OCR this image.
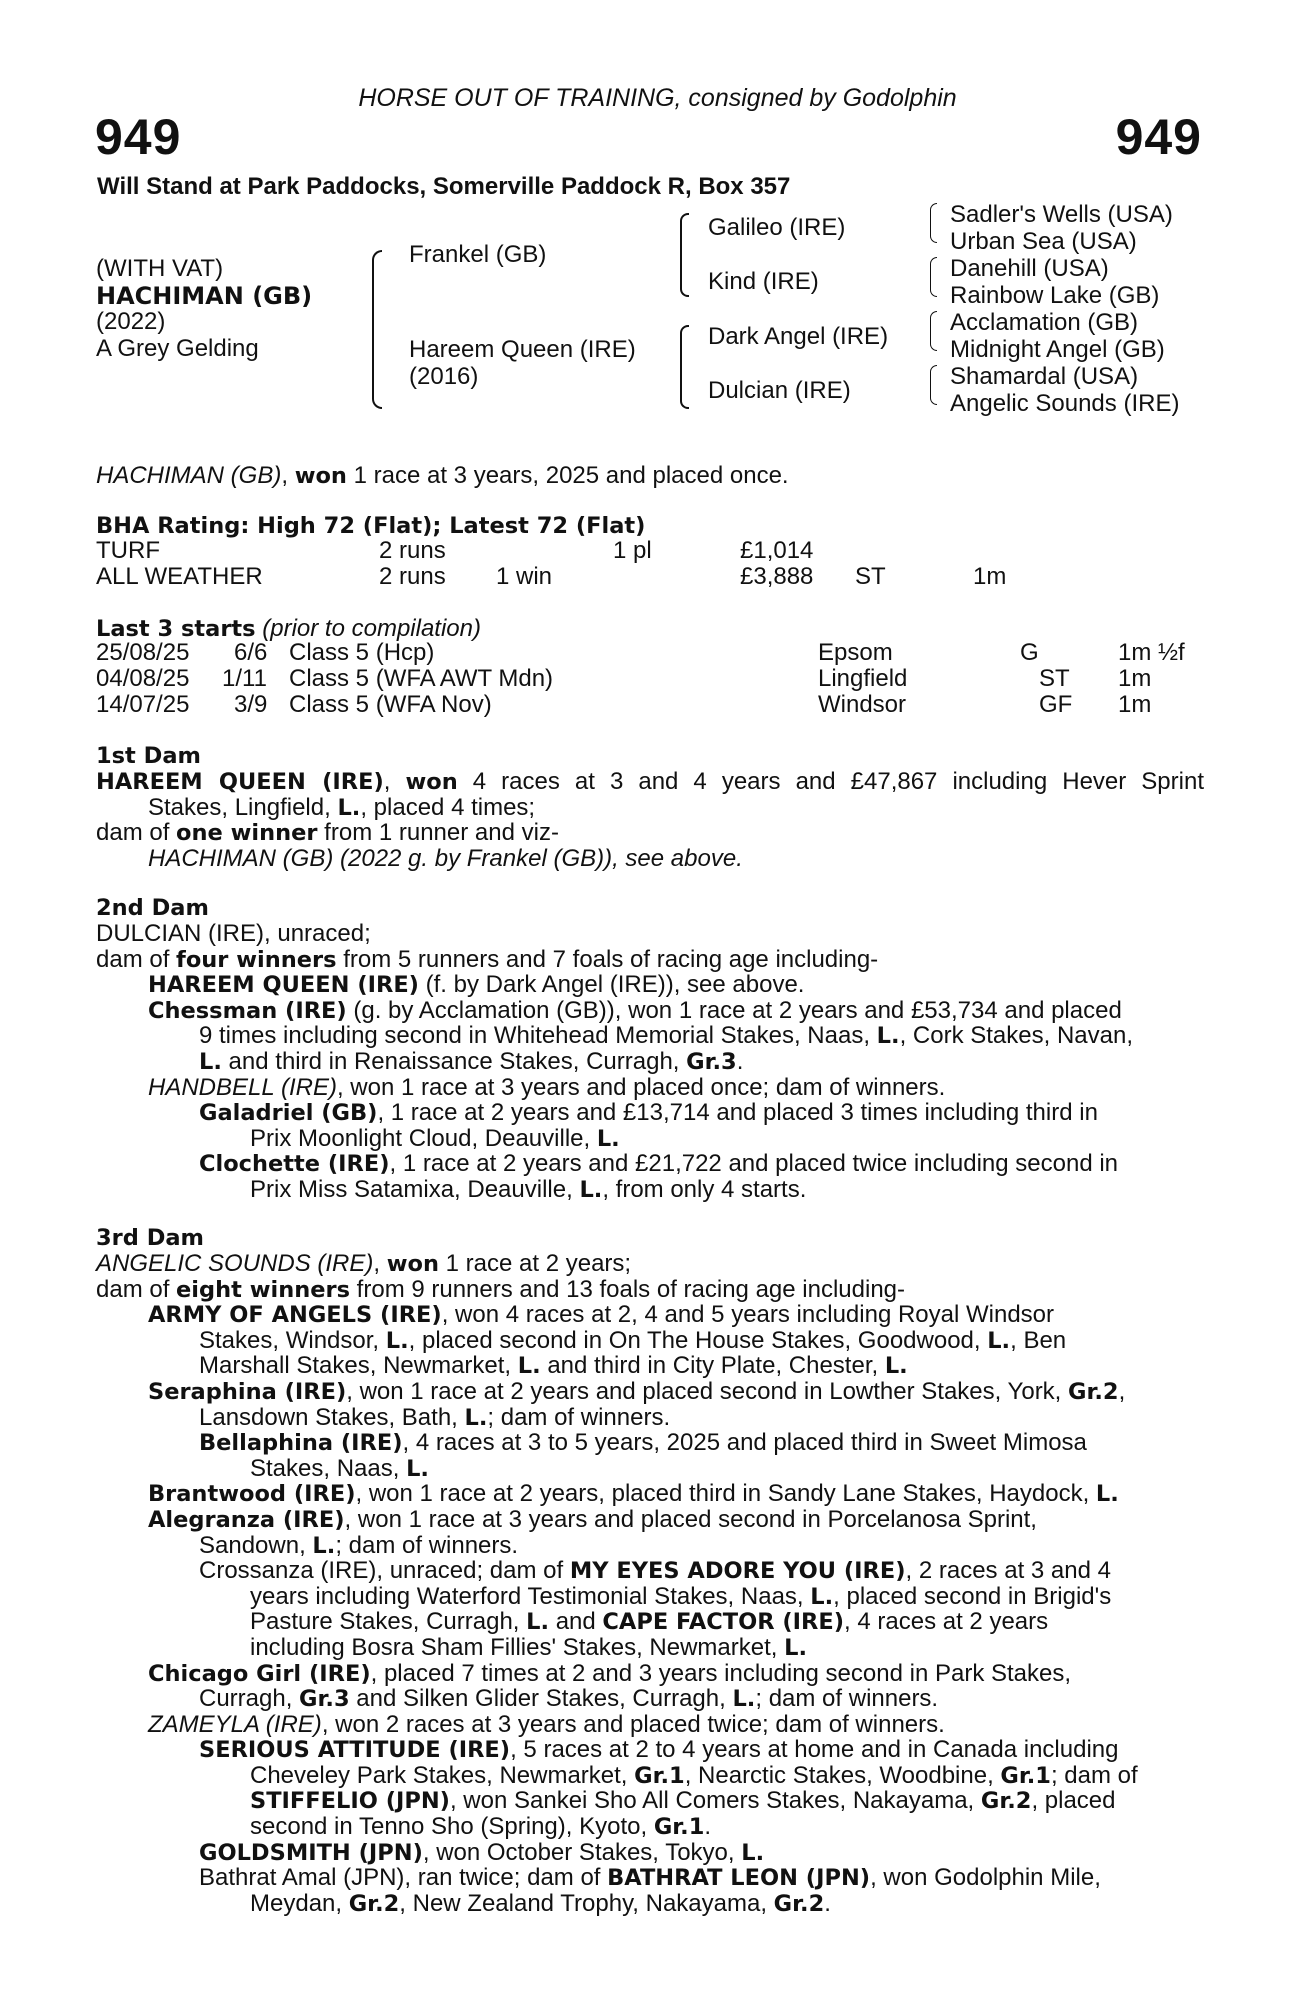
HORSE OUT OF TRAINING, consigned by Godolphin
949	949
Will Stand at Park Paddocks, Somerville Paddock R, Box 357
(WITH VAT)
HACHIMAN (GB)
(2022)
A Grey Gelding
Frankel (GB)
Hareem Queen (IRE)
(2016)
Galileo (IRE)
Kind (IRE)
Dark Angel (IRE)
Dulcian (IRE)
Sadler's Wells (USA)
Urban Sea (USA)
Danehill (USA)
Rainbow Lake (GB)
Acclamation (GB)
Midnight Angel (GB)
Shamardal (USA)
Angelic Sounds (IRE)
HACHIMAN (GB), won 1 race at 3 years, 2025 and placed once.
BHA Rating: High 72 (Flat); Latest 72 (Flat)
TURF	2 runs	1 pl	£1,014
ALL WEATHER	2 runs 1 win	£3,888 ST	1m
Last 3 starts (prior to compilation)
25/08/25 6/6 Class 5 (Hcp)	Epsom	G	1m ½f
04/08/25 1/11 Class 5 (WFA AWT Mdn)	Lingfield	ST 1m
14/07/25 3/9 Class 5 (WFA Nov)	Windsor	GF 1m
1st Dam
HAREEM QUEEN (IRE), won 4 races at 3 and 4 years and £47,867 including Hever Sprint
Stakes, Lingfield, L., placed 4 times;
dam of one winner from 1 runner and viz-
HACHIMAN (GB) (2022 g. by Frankel (GB)), see above.
2nd Dam
DULCIAN (IRE), unraced;
dam of four winners from 5 runners and 7 foals of racing age including-
HAREEM QUEEN (IRE) (f. by Dark Angel (IRE)), see above.
Chessman (IRE) (g. by Acclamation (GB)), won 1 race at 2 years and £53,734 and placed
9 times including second in Whitehead Memorial Stakes, Naas, L., Cork Stakes, Navan,
L. and third in Renaissance Stakes, Curragh, Gr.3.
HANDBELL (IRE), won 1 race at 3 years and placed once; dam of winners.
Galadriel (GB), 1 race at 2 years and £13,714 and placed 3 times including third in
Prix Moonlight Cloud, Deauville, L.
Clochette (IRE), 1 race at 2 years and £21,722 and placed twice including second in
Prix Miss Satamixa, Deauville, L., from only 4 starts.
3rd Dam
ANGELIC SOUNDS (IRE), won 1 race at 2 years;
dam of eight winners from 9 runners and 13 foals of racing age including-
ARMY OF ANGELS (IRE), won 4 races at 2, 4 and 5 years including Royal Windsor
Stakes, Windsor, L., placed second in On The House Stakes, Goodwood, L., Ben
Marshall Stakes, Newmarket, L. and third in City Plate, Chester, L.
Seraphina (IRE), won 1 race at 2 years and placed second in Lowther Stakes, York, Gr.2,
Lansdown Stakes, Bath, L.; dam of winners.
Bellaphina (IRE), 4 races at 3 to 5 years, 2025 and placed third in Sweet Mimosa
Stakes, Naas, L.
Brantwood (IRE), won 1 race at 2 years, placed third in Sandy Lane Stakes, Haydock, L.
Alegranza (IRE), won 1 race at 3 years and placed second in Porcelanosa Sprint,
Sandown, L.; dam of winners.
Crossanza (IRE), unraced; dam of MY EYES ADORE YOU (IRE), 2 races at 3 and 4
years including Waterford Testimonial Stakes, Naas, L., placed second in Brigid's
Pasture Stakes, Curragh, L. and CAPE FACTOR (IRE), 4 races at 2 years
including Bosra Sham Fillies' Stakes, Newmarket, L.
Chicago Girl (IRE), placed 7 times at 2 and 3 years including second in Park Stakes,
Curragh, Gr.3 and Silken Glider Stakes, Curragh, L.; dam of winners.
ZAMEYLA (IRE), won 2 races at 3 years and placed twice; dam of winners.
SERIOUS ATTITUDE (IRE), 5 races at 2 to 4 years at home and in Canada including
Cheveley Park Stakes, Newmarket, Gr.1, Nearctic Stakes, Woodbine, Gr.1; dam of
STIFFELIO (JPN), won Sankei Sho All Comers Stakes, Nakayama, Gr.2, placed
second in Tenno Sho (Spring), Kyoto, Gr.1.
GOLDSMITH (JPN), won October Stakes, Tokyo, L.
Bathrat Amal (JPN), ran twice; dam of BATHRAT LEON (JPN), won Godolphin Mile,
Meydan, Gr.2, New Zealand Trophy, Nakayama, Gr.2.
